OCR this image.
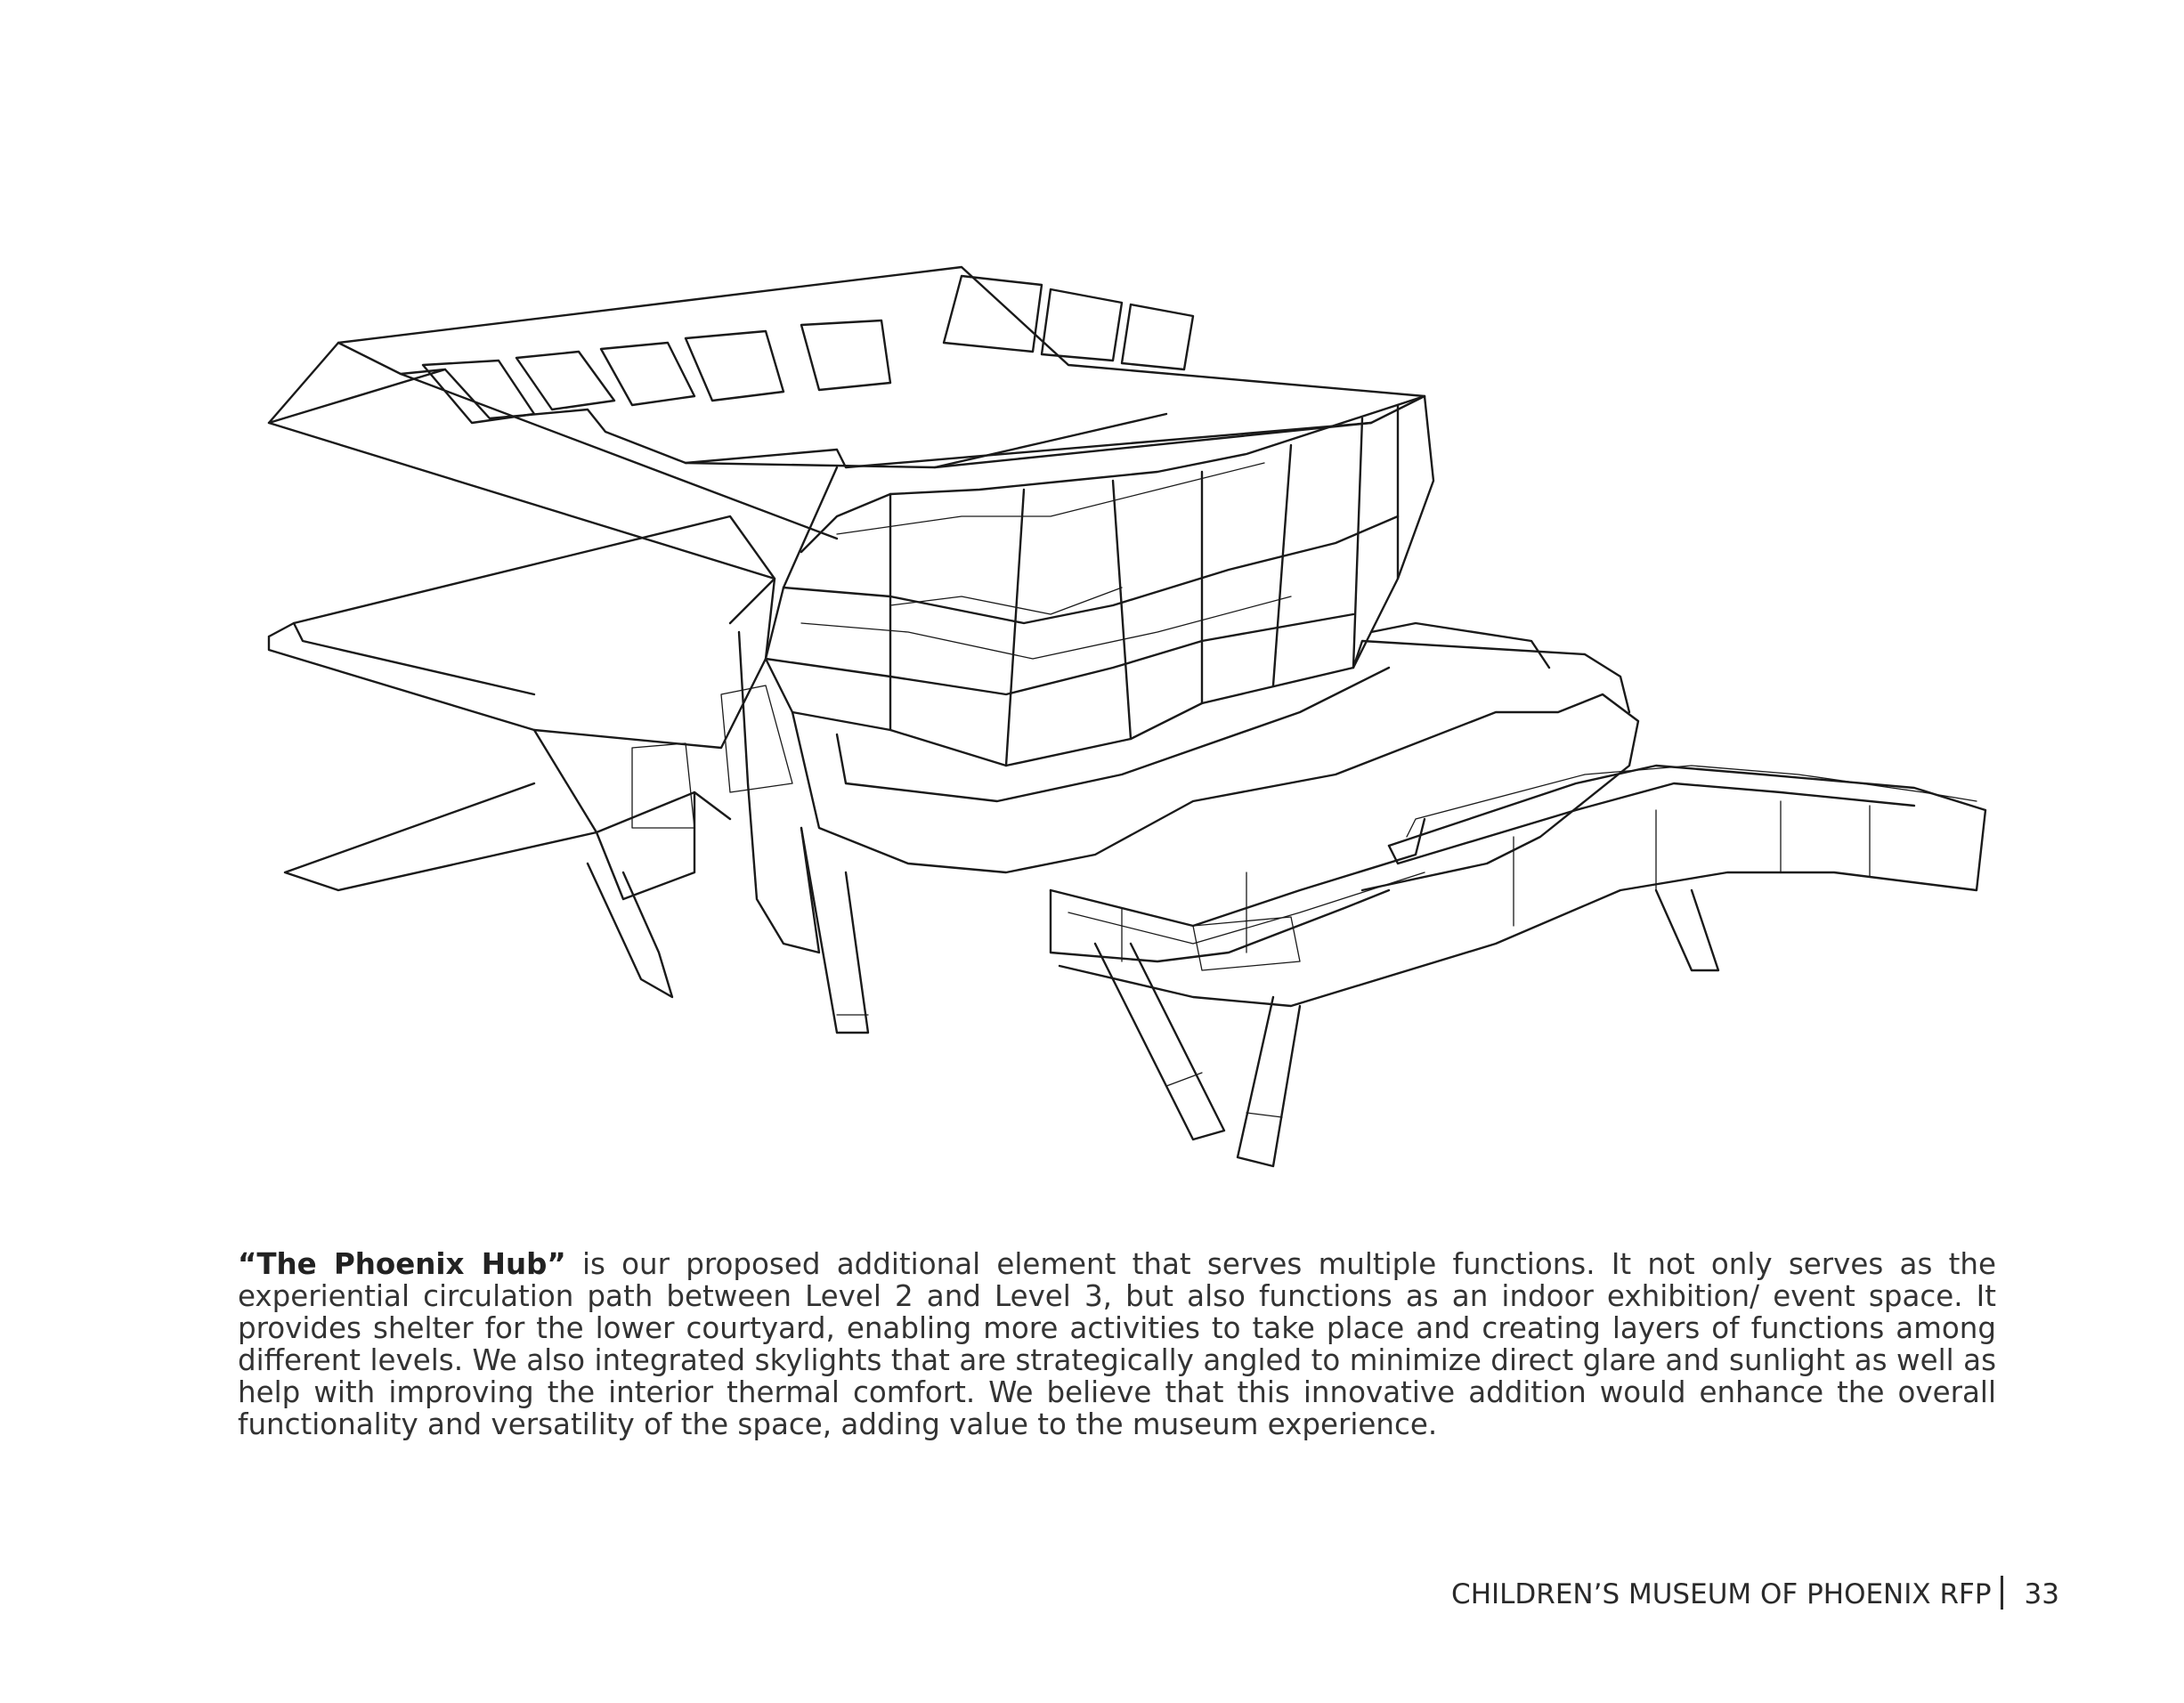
“The Phoenix Hub” is our proposed additional element that serves multiple functions. It not only serves as the experiential circulation path between Level 2 and Level 3, but also functions as an indoor exhibition/ event space. It provides shelter for the lower courtyard, enabling more activities to take place and creating layers of functions among different levels. We also integrated skylights that are strategically angled to minimize direct glare and sunlight as well as help with improving the interior thermal comfort. We believe that this innovative addition would enhance the overall functionality and versatility of the space, adding value to the museum experience.

CHILDREN’S MUSEUM OF PHOENIX RFP 33
